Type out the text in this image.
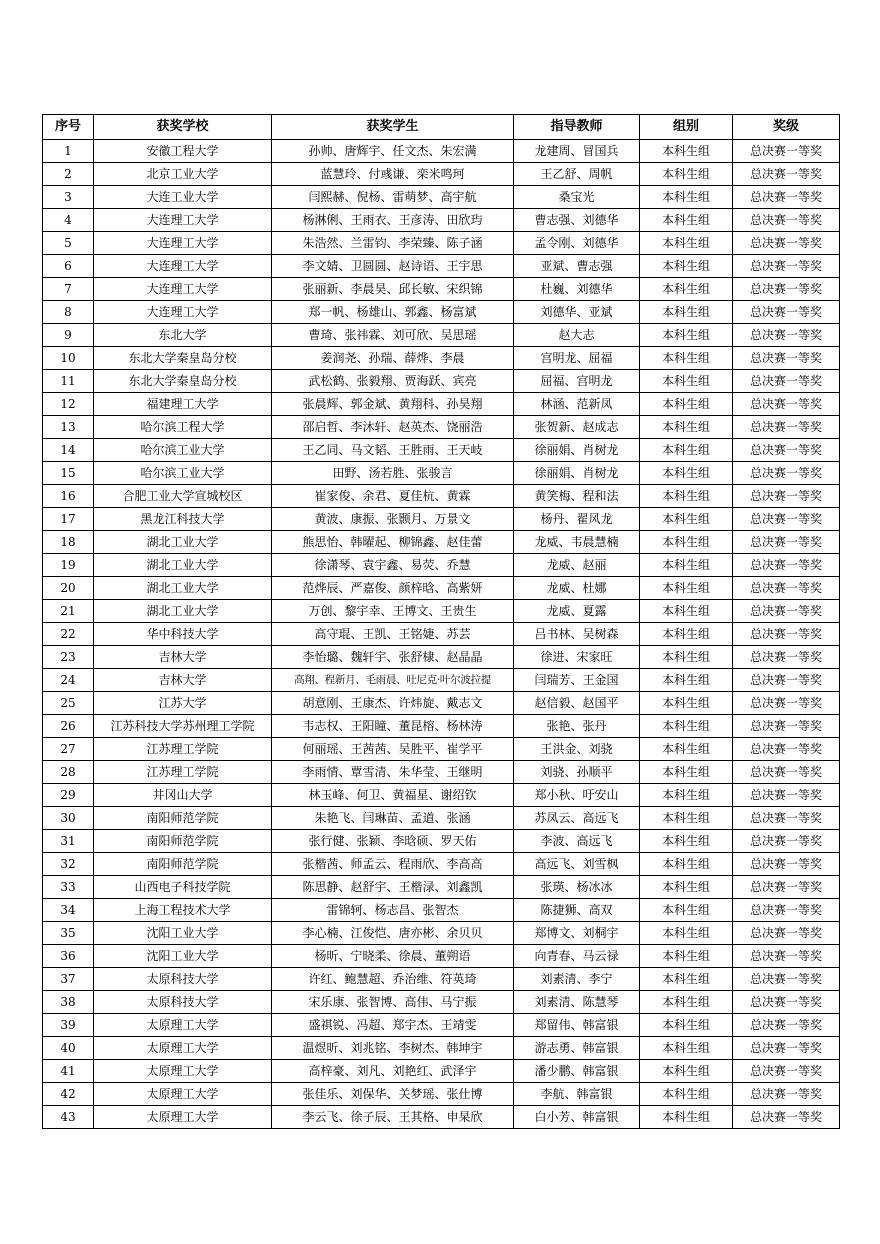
序号	获奖学校	获奖学生	指导教师	组别	奖级
1	安徽工程大学	孙帅、唐辉宇、任文杰、朱宏满	龙建周、冒国兵	本科生组	总决赛一等奖
2	北京工业大学	蓝慧玲、付彧谦、栾米鸣珂	王乙舒、周帆	本科生组	总决赛一等奖
3	大连工业大学	闫熙赫、倪杨、雷萌梦、高宇航	桑宝光	本科生组	总决赛一等奖
4	大连理工大学	杨淋俐、王雨衣、王彦涛、田欣玙	曹志强、刘德华	本科生组	总决赛一等奖
5	大连理工大学	朱浩然、兰雷钧、李荣臻、陈子涵	孟令刚、刘德华	本科生组	总决赛一等奖
6	大连理工大学	李文婧、卫圆圆、赵诗语、王宇思	亚斌、曹志强	本科生组	总决赛一等奖
7	大连理工大学	张丽新、李晨昊、邱长敏、宋织锦	杜巍、刘德华	本科生组	总决赛一等奖
8	大连理工大学	郑一帆、杨雄山、郭鑫、杨富斌	刘德华、亚斌	本科生组	总决赛一等奖
9	东北大学	曹琦、张祎霖、刘可欣、吴思瑶	赵大志	本科生组	总决赛一等奖
10	东北大学秦皇岛分校	姜润尧、孙瑞、薛烨、李晨	宫明龙、屈福	本科生组	总决赛一等奖
11	东北大学秦皇岛分校	武松鹤、张毅翔、贾海跃、宾亮	屈福、宫明龙	本科生组	总决赛一等奖
12	福建理工大学	张晨辉、郭金斌、黄翔科、孙昊翔	林涵、范新凤	本科生组	总决赛一等奖
13	哈尔滨工程大学	邵启哲、李沐轩、赵英杰、饶丽浩	张贺新、赵成志	本科生组	总决赛一等奖
14	哈尔滨工业大学	王乙同、马文韬、王胜雨、王天岐	徐丽娟、肖树龙	本科生组	总决赛一等奖
15	哈尔滨工业大学	田野、汤若胜、张骏言	徐丽娟、肖树龙	本科生组	总决赛一等奖
16	合肥工业大学宣城校区	崔家俊、余君、夏佳杭、黄霖	黄笑梅、程和法	本科生组	总决赛一等奖
17	黑龙江科技大学	黄波、康振、张颢月、万景文	杨丹、翟风龙	本科生组	总决赛一等奖
18	湖北工业大学	熊思怡、韩曜起、柳锦鑫、赵佳蕾	龙威、韦晨慧楠	本科生组	总决赛一等奖
19	湖北工业大学	徐潇琴、袁宇鑫、易荧、乔慧	龙威、赵丽	本科生组	总决赛一等奖
20	湖北工业大学	范烨辰、严嘉俊、颜梓晗、高紫妍	龙威、杜娜	本科生组	总决赛一等奖
21	湖北工业大学	万创、黎宇幸、王博文、王贵生	龙威、夏露	本科生组	总决赛一等奖
22	华中科技大学	高守琨、王凯、王铭婕、苏芸	吕书林、吴树森	本科生组	总决赛一等奖
23	吉林大学	李怡璐、魏轩宇、张舒棣、赵晶晶	徐进、宋家旺	本科生组	总决赛一等奖
24	吉林大学	高翔、程新月、毛雨晨、吐尼克·叶尔波拉提	闫瑞芳、王金国	本科生组	总决赛一等奖
25	江苏大学	胡意刚、王康杰、许炜旋、戴志文	赵信毅、赵国平	本科生组	总决赛一等奖
26	江苏科技大学苏州理工学院	韦志权、王阳瞳、董昆榕、杨林涛	张艳、张丹	本科生组	总决赛一等奖
27	江苏理工学院	何丽瑶、王茜茜、吴胜平、崔学平	王洪金、刘骁	本科生组	总决赛一等奖
28	江苏理工学院	李雨情、覃雪清、朱华莹、王继明	刘骁、孙顺平	本科生组	总决赛一等奖
29	井冈山大学	林玉峰、何卫、黄福星、谢绍钦	郑小秋、吁安山	本科生组	总决赛一等奖
30	南阳师范学院	朱艳飞、闫琳苗、孟道、张涵	苏凤云、高远飞	本科生组	总决赛一等奖
31	南阳师范学院	张行健、张颖、李晗硕、罗天佑	李波、高远飞	本科生组	总决赛一等奖
32	南阳师范学院	张楷茜、师孟云、程雨欣、李高高	高远飞、刘雪枫	本科生组	总决赛一等奖
33	山西电子科技学院	陈思静、赵舒宇、王楷渌、刘鑫凯	张瑛、杨冰冰	本科生组	总决赛一等奖
34	上海工程技术大学	雷锦轲、杨志昌、张智杰	陈捷狮、高双	本科生组	总决赛一等奖
35	沈阳工业大学	李心楠、江俊恺、唐亦彬、余贝贝	郑博文、刘桐宇	本科生组	总决赛一等奖
36	沈阳工业大学	杨昕、宁晓柔、徐晨、董朔语	向青春、马云禄	本科生组	总决赛一等奖
37	太原科技大学	许红、鲍慧超、乔治维、符英琦	刘素清、李宁	本科生组	总决赛一等奖
38	太原科技大学	宋乐康、张智博、高伟、马宁振	刘素清、陈慧琴	本科生组	总决赛一等奖
39	太原理工大学	盛祺锐、冯超、郑宇杰、王靖雯	郑留伟、韩富银	本科生组	总决赛一等奖
40	太原理工大学	温煜昕、刘兆铭、李树杰、韩坤宇	游志勇、韩富银	本科生组	总决赛一等奖
41	太原理工大学	高梓豪、刘凡、刘艳红、武泽宇	潘少鹏、韩富银	本科生组	总决赛一等奖
42	太原理工大学	张佳乐、刘保华、关梦瑶、张仕博	李航、韩富银	本科生组	总决赛一等奖
43	太原理工大学	李云飞、徐子辰、王其格、申杲欣	白小芳、韩富银	本科生组	总决赛一等奖
